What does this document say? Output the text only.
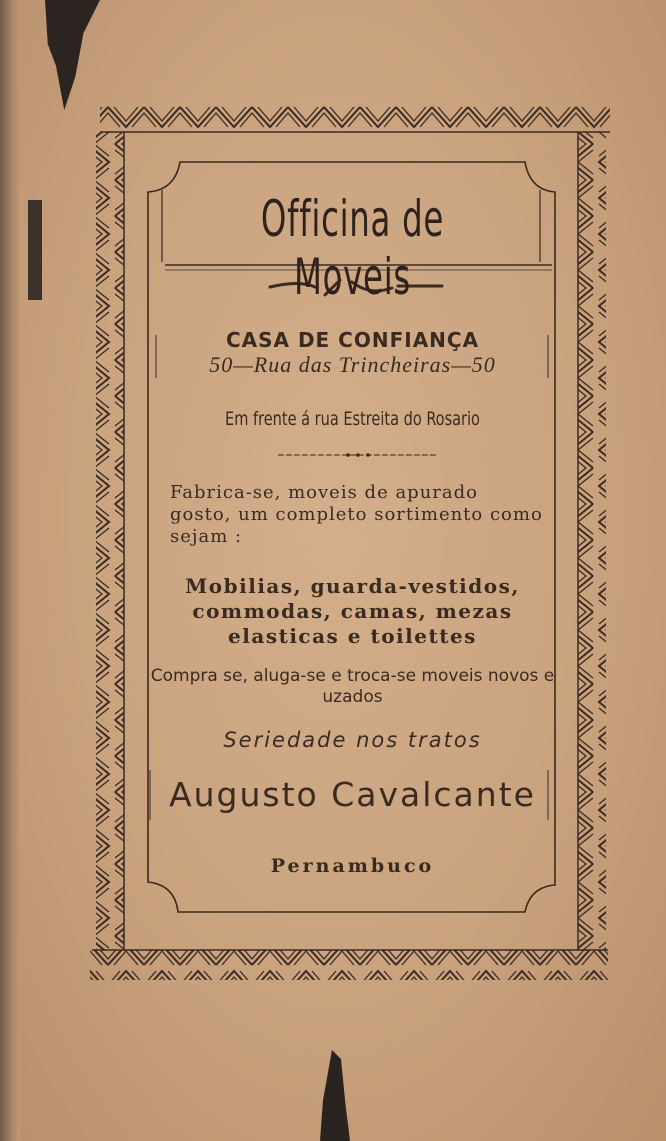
Officina de Moveis
CASA DE CONFIANÇA
50—Rua das Trincheiras—50
Em frente á rua Estreita do Rosario
Fabrica-se, moveis de apurado gosto, um completo sortimento como sejam :
Mobilias, guarda-vestidos, commodas, camas, mezas elasticas e toilettes
Compra se, aluga-se e troca-se moveis novos e uzados
Seriedade nos tratos
Augusto Cavalcante
Pernambuco
